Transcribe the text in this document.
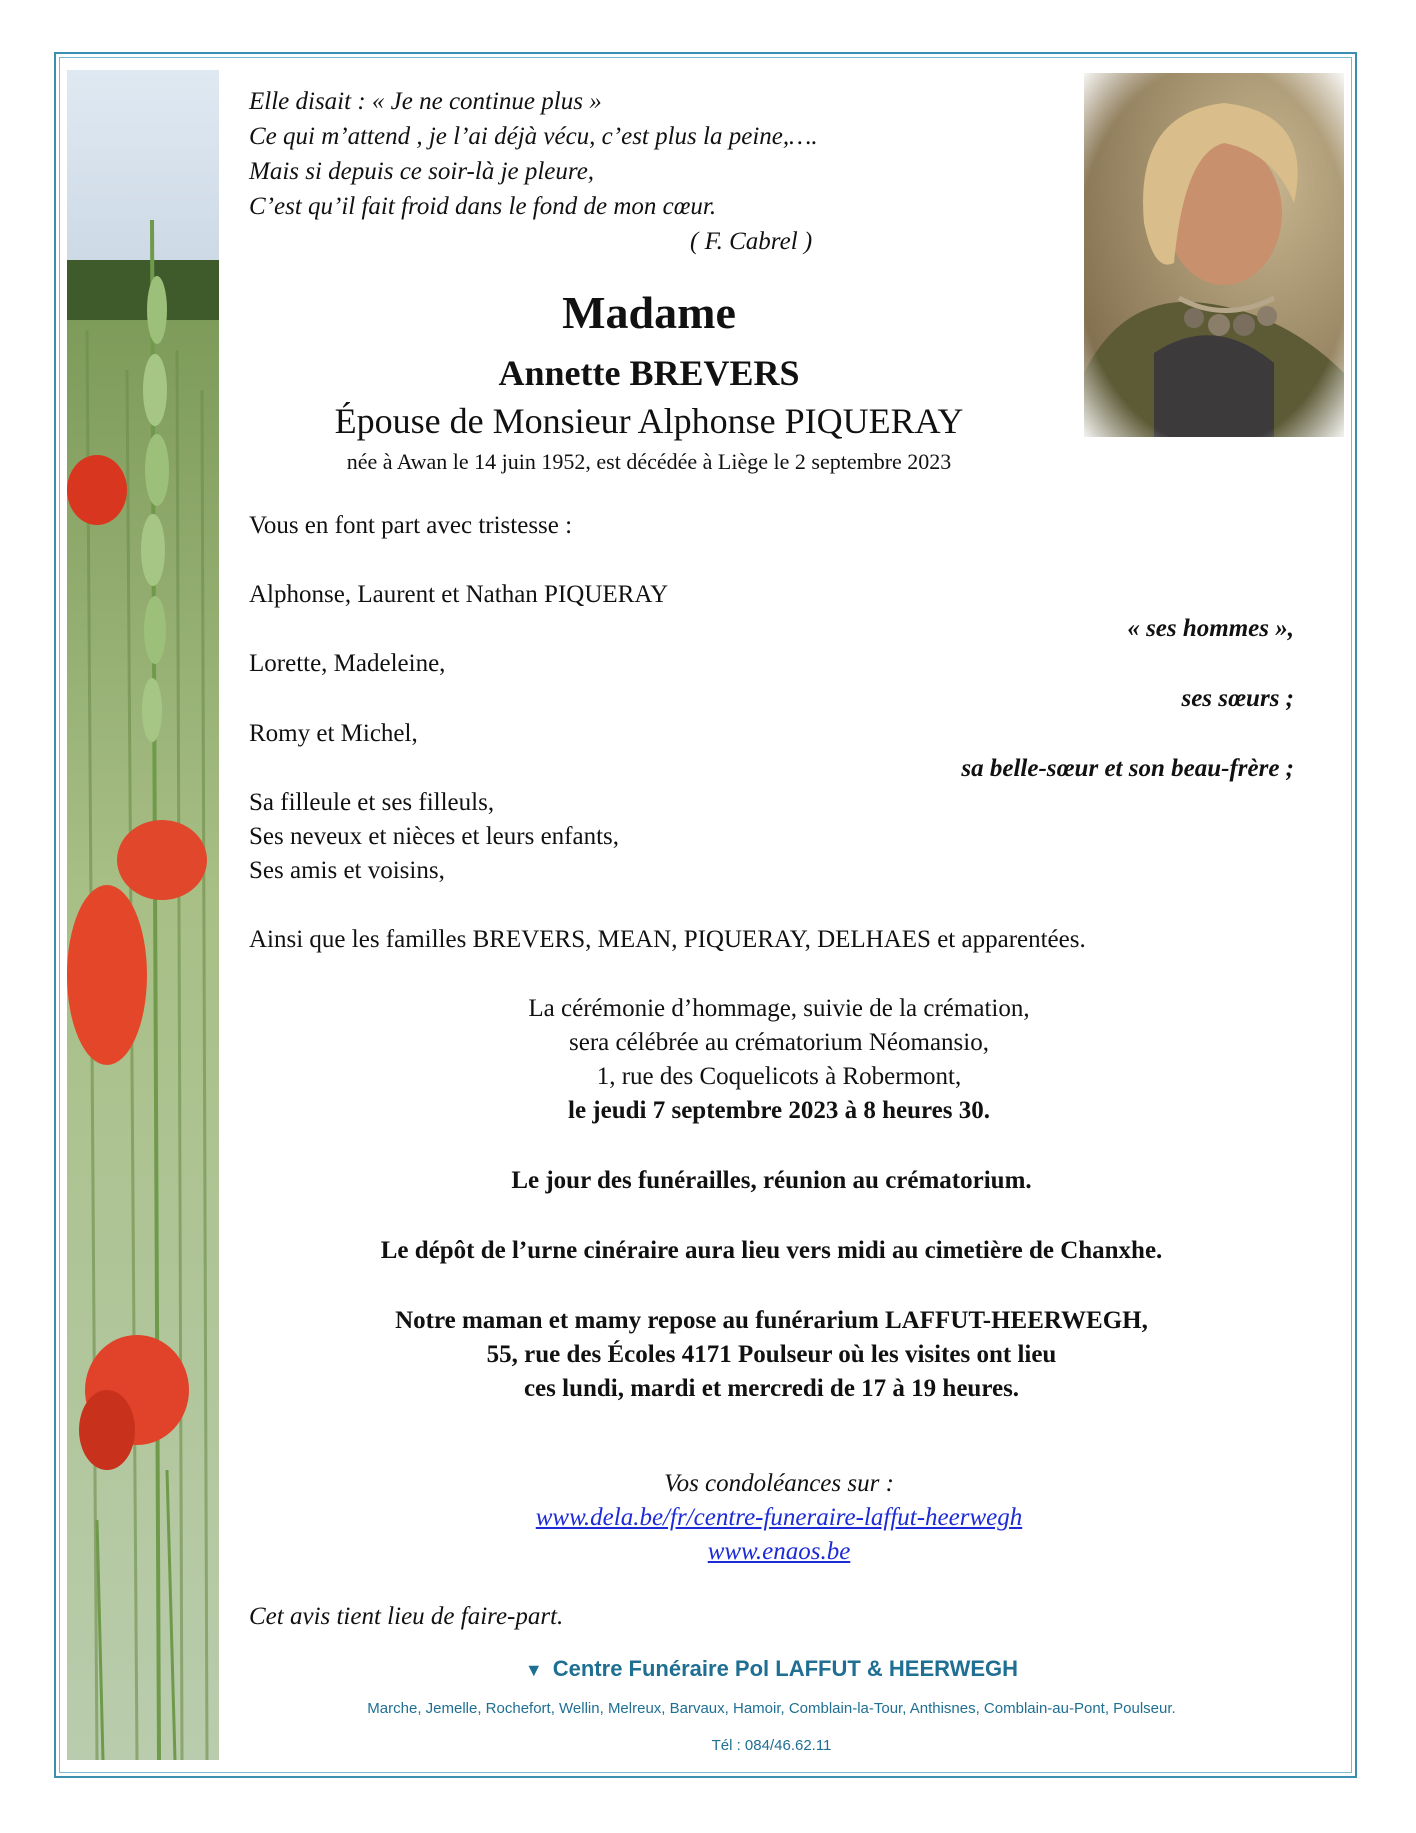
Elle disait : « Je ne continue plus »
Ce qui m’attend , je l’ai déjà vécu, c’est plus la peine,….
Mais si depuis ce soir-là je pleure,
C’est qu’il fait froid dans le fond de mon cœur.
( F. Cabrel )
Madame
Annette BREVERS
Épouse de Monsieur Alphonse PIQUERAY
née à Awan le 14 juin 1952, est décédée à Liège le 2 septembre 2023
Vous en font part avec tristesse :
Alphonse, Laurent et Nathan PIQUERAY
« ses hommes »,
Lorette, Madeleine,
ses sœurs ;
Romy et Michel,
sa belle-sœur et son beau-frère ;
Sa filleule et ses filleuls,
Ses neveux et nièces et leurs enfants,
Ses amis et voisins,
Ainsi que les familles BREVERS, MEAN, PIQUERAY, DELHAES et apparentées.
La cérémonie d’hommage, suivie de la crémation,
sera célébrée au crématorium Néomansio,
1, rue des Coquelicots à Robermont,
le jeudi 7 septembre 2023 à 8 heures 30.
Le jour des funérailles, réunion au crématorium.
Le dépôt de l’urne cinéraire aura lieu vers midi au cimetière de Chanxhe.
Notre maman et mamy repose au funérarium LAFFUT-HEERWEGH,
55, rue des Écoles 4171 Poulseur où les visites ont lieu
ces lundi, mardi et mercredi de 17 à 19 heures.
Vos condoléances sur :
www.dela.be/fr/centre-funeraire-laffut-heerwegh
www.enaos.be
Cet avis tient lieu de faire-part.
▼ Centre Funéraire Pol LAFFUT & HEERWEGH
Marche, Jemelle, Rochefort, Wellin, Melreux, Barvaux, Hamoir, Comblain-la-Tour, Anthisnes, Comblain-au-Pont, Poulseur.
Tél : 084/46.62.11
